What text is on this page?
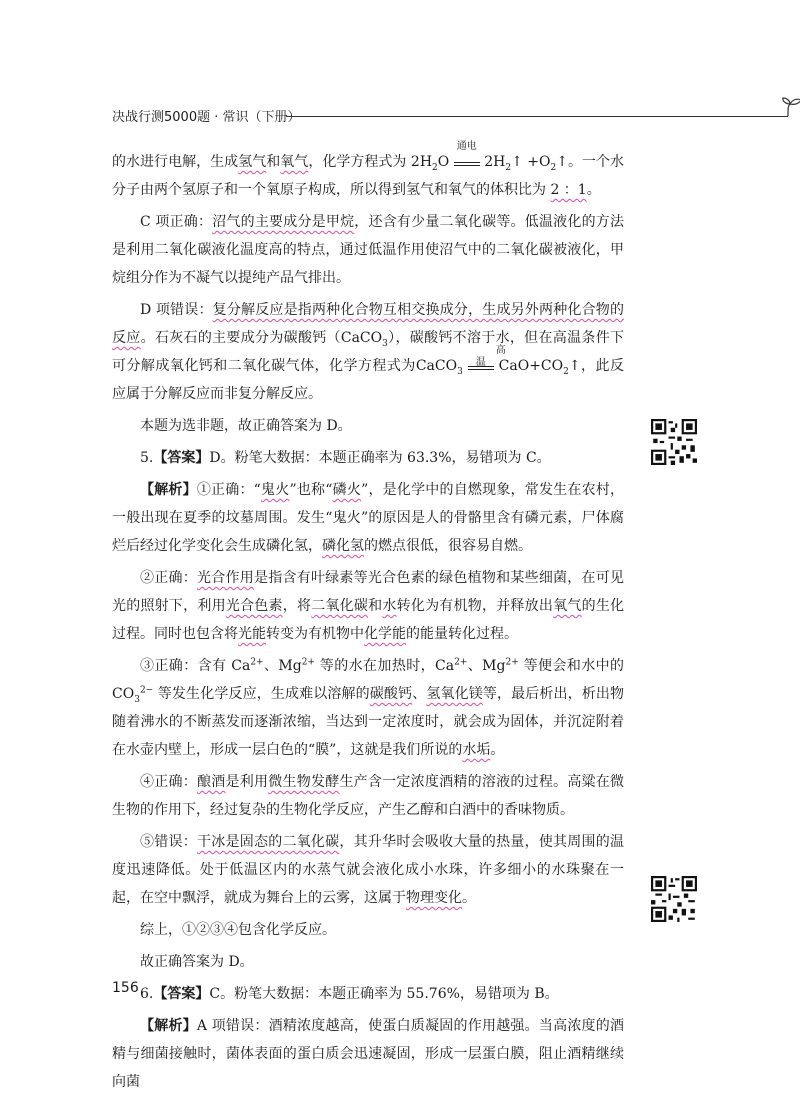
决战行测5000题 · 常识（下册）

的水进行电解，生成氢气和氧气，化学方程式为 $2H_2O$
通电
$2H_2↑$ $+O_2↑$。一个水分子由两个氢原子和一个氧原子构成，所以得到氢气和氧气的体积比为 2 ：1。

C 项正确：沼气的主要成分是甲烷，还含有少量二氧化碳等。低温液化的方法是利用二氧化碳液化温度高的特点，通过低温作用使沼气中的二氧化碳被液化，甲烷组分作为不凝气以提纯产品气排出。

D 项错误：复分解反应是指两种化合物互相交换成分，生成另外两种化合物的反应。石灰石的主要成分为碳酸钙（CaCO$_3$），碳酸钙不溶于水，但在高温条件下可分解成氧化钙和二氧化碳气体，化学方程式为CaCO$_3$
高温 $CaO+CO_2↑$，此反应属于分解反应而非复分解反应。

本题为选非题，故正确答案为 D。

5.【答案】D。粉笔大数据：本题正确率为 63.3%，易错项为 C。

【解析】①正确：“鬼火”也称“磷火”，是化学中的自燃现象，常发生在农村，一般出现在夏季的坟墓周围。发生“鬼火”的原因是人的骨骼里含有磷元素，尸体腐烂后经过化学变化会生成磷化氢，磷化氢的燃点很低，很容易自燃。

②正确：光合作用是指含有叶绿素等光合色素的绿色植物和某些细菌，在可见光的照射下，利用光合色素，将二氧化碳和水转化为有机物，并释放出氧气的生化过程。同时也包含将光能转变为有机物中化学能的能量转化过程。

③正确：含有 $Ca^{2+}$、$Mg^{2+}$ 等的水在加热时，$Ca^{2+}$、$Mg^{2+}$ 等便会和水中的 $CO_3^{2-}$ 等发生化学反应，生成难以溶解的碳酸钙、氢氧化镁等，最后析出，析出物随着沸水的不断蒸发而逐渐浓缩，当达到一定浓度时，就会成为固体，并沉淀附着在水壶内壁上，形成一层白色的“膜”，这就是我们所说的水垢。

④正确：酿酒是利用微生物发酵生产含一定浓度酒精的溶液的过程。高粱在微生物的作用下，经过复杂的生物化学反应，产生乙醇和白酒中的香味物质。

⑤错误：干冰是固态的二氧化碳，其升华时会吸收大量的热量，使其周围的温度迅速降低。处于低温区内的水蒸气就会液化成小水珠，许多细小的水珠聚在一起，在空中飘浮，就成为舞台上的云雾，这属于物理变化。

综上，①②③④包含化学反应。

故正确答案为 D。

6.【答案】C。粉笔大数据：本题正确率为 55.76%，易错项为 B。

【解析】A 项错误：酒精浓度越高，使蛋白质凝固的作用越强。当高浓度的酒精与细菌接触时，菌体表面的蛋白质会迅速凝固，形成一层蛋白膜，阻止酒精继续向菌

156
